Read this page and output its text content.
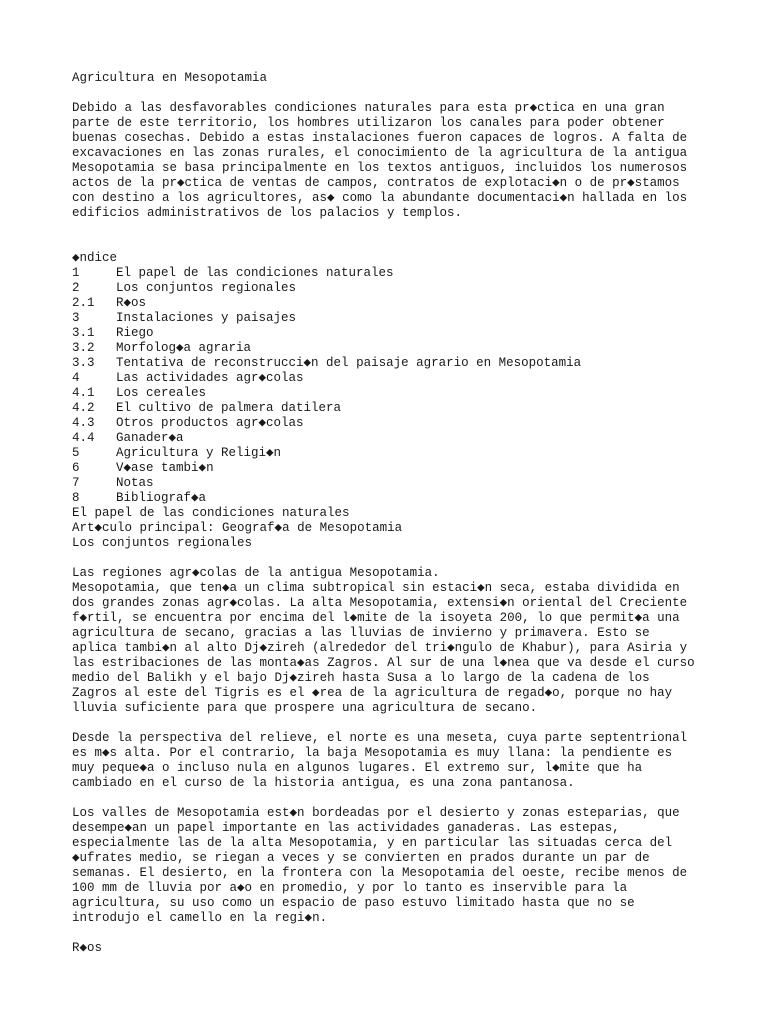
Agricultura en Mesopotamia
Debido a las desfavorables condiciones naturales para esta pr◆ctica en una gran
parte de este territorio, los hombres utilizaron los canales para poder obtener
buenas cosechas. Debido a estas instalaciones fueron capaces de logros. A falta de
excavaciones en las zonas rurales, el conocimiento de la agricultura de la antigua
Mesopotamia se basa principalmente en los textos antiguos, incluidos los numerosos
actos de la pr◆ctica de ventas de campos, contratos de explotaci◆n o de pr◆stamos
con destino a los agricultores, as◆ como la abundante documentaci◆n hallada en los
edificios administrativos de los palacios y templos.
◆ndice
1	El papel de las condiciones naturales
2	Los conjuntos regionales
2.1	R◆os
3	Instalaciones y paisajes
3.1	Riego
3.2	Morfolog◆a agraria
3.3	Tentativa de reconstrucci◆n del paisaje agrario en Mesopotamia
4	Las actividades agr◆colas
4.1	Los cereales
4.2	El cultivo de palmera datilera
4.3	Otros productos agr◆colas
4.4	Ganader◆a
5	Agricultura y Religi◆n
6	V◆ase tambi◆n
7	Notas
8	Bibliograf◆a
El papel de las condiciones naturales
Art◆culo principal: Geograf◆a de Mesopotamia
Los conjuntos regionales
Las regiones agr◆colas de la antigua Mesopotamia.
Mesopotamia, que ten◆a un clima subtropical sin estaci◆n seca, estaba dividida en
dos grandes zonas agr◆colas. La alta Mesopotamia, extensi◆n oriental del Creciente
f◆rtil, se encuentra por encima del l◆mite de la isoyeta 200, lo que permit◆a una
agricultura de secano, gracias a las lluvias de invierno y primavera. Esto se
aplica tambi◆n al alto Dj◆zireh (alrededor del tri◆ngulo de Khabur), para Asiria y
las estribaciones de las monta◆as Zagros. Al sur de una l◆nea que va desde el curso
medio del Balikh y el bajo Dj◆zireh hasta Susa a lo largo de la cadena de los
Zagros al este del Tigris es el ◆rea de la agricultura de regad◆o, porque no hay
lluvia suficiente para que prospere una agricultura de secano.
Desde la perspectiva del relieve, el norte es una meseta, cuya parte septentrional
es m◆s alta. Por el contrario, la baja Mesopotamia es muy llana: la pendiente es
muy peque◆a o incluso nula en algunos lugares. El extremo sur, l◆mite que ha
cambiado en el curso de la historia antigua, es una zona pantanosa.
Los valles de Mesopotamia est◆n bordeadas por el desierto y zonas esteparias, que
desempe◆an un papel importante en las actividades ganaderas. Las estepas,
especialmente las de la alta Mesopotamia, y en particular las situadas cerca del
◆ufrates medio, se riegan a veces y se convierten en prados durante un par de
semanas. El desierto, en la frontera con la Mesopotamia del oeste, recibe menos de
100 mm de lluvia por a◆o en promedio, y por lo tanto es inservible para la
agricultura, su uso como un espacio de paso estuvo limitado hasta que no se
introdujo el camello en la regi◆n.
R◆os
